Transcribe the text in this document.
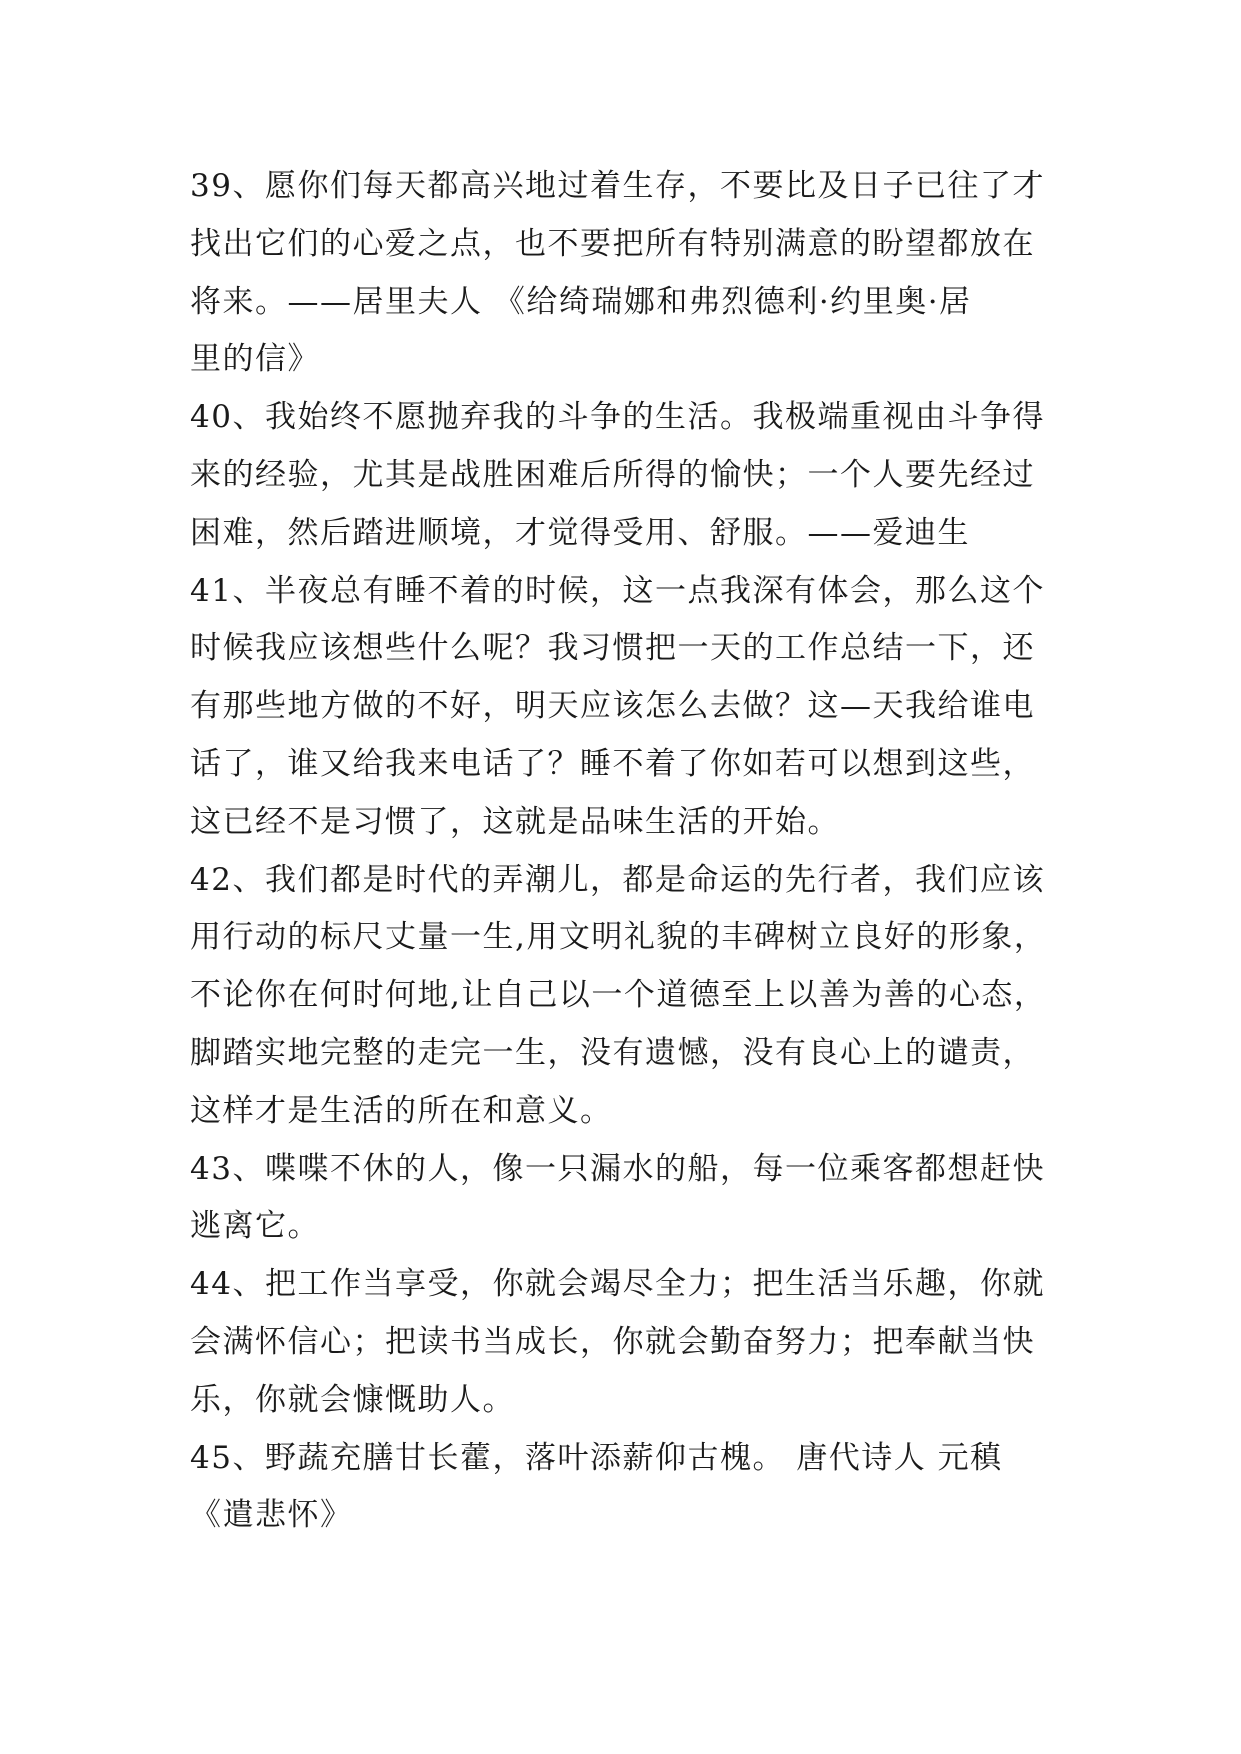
39、愿你们每天都高兴地过着生存，不要比及日子已往了才
找出它们的心爱之点，也不要把所有特别满意的盼望都放在
将来。——居里夫人 《给绮瑞娜和弗烈德利·约里奥·居
里的信》
40、我始终不愿抛弃我的斗争的生活。我极端重视由斗争得
来的经验，尤其是战胜困难后所得的愉快；一个人要先经过
困难，然后踏进顺境，才觉得受用、舒服。——爱迪生
41、半夜总有睡不着的时候，这一点我深有体会，那么这个
时候我应该想些什么呢？我习惯把一天的工作总结一下，还
有那些地方做的不好，明天应该怎么去做？这—天我给谁电
话了，谁又给我来电话了？睡不着了你如若可以想到这些，
这已经不是习惯了，这就是品味生活的开始。
42、我们都是时代的弄潮儿，都是命运的先行者，我们应该
用行动的标尺丈量一生,用文明礼貌的丰碑树立良好的形象，
不论你在何时何地,让自己以一个道德至上以善为善的心态，
脚踏实地完整的走完一生，没有遗憾，没有良心上的谴责，
这样才是生活的所在和意义。
43、喋喋不休的人，像一只漏水的船，每一位乘客都想赶快
逃离它。
44、把工作当享受，你就会竭尽全力；把生活当乐趣，你就
会满怀信心；把读书当成长，你就会勤奋努力；把奉献当快
乐，你就会慷慨助人。
45、野蔬充膳甘长藿，落叶添薪仰古槐。 唐代诗人 元稹
《遣悲怀》
